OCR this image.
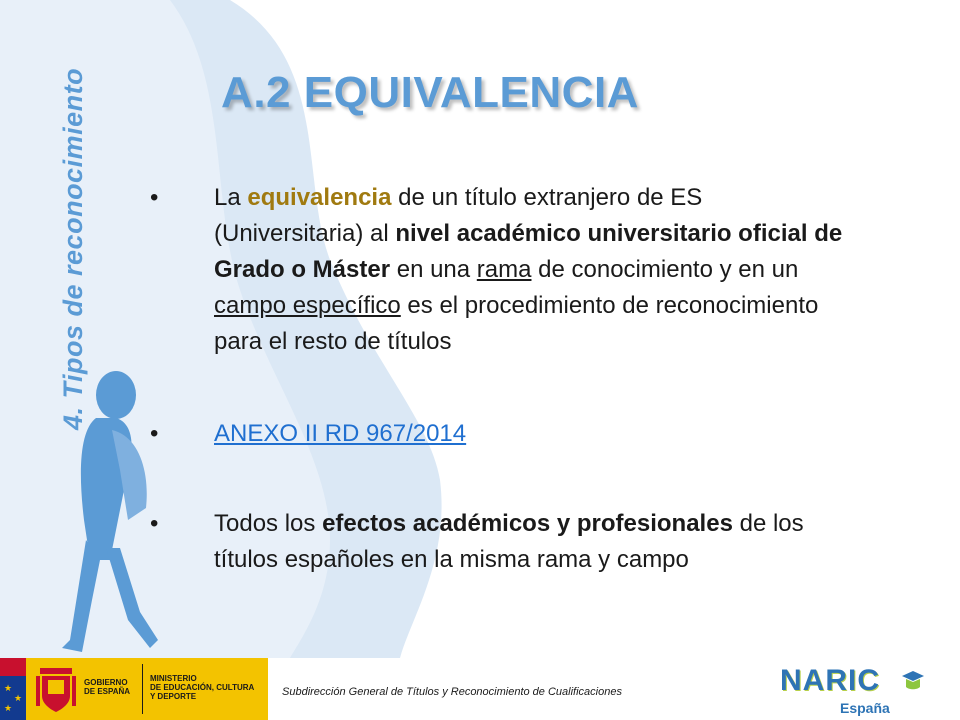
4. Tipos de reconocimiento	A.2 EQUIVALENCIA
• La equivalencia de un título extranjero de ES (Universitaria) al nivel académico universitario oficial de Grado o Máster en una rama de conocimiento y en un campo específico es el procedimiento de reconocimiento para el resto de títulos
• ANEXO II RD 967/2014
• Todos los efectos académicos y profesionales de los títulos españoles en la misma rama y campo
★
★
★
GOBIERNO
DE ESPAÑA
MINISTERIO
DE EDUCACIÓN, CULTURA
Y DEPORTE	Subdirección General de Títulos y Reconocimiento de Cualificaciones	NARIC
España
